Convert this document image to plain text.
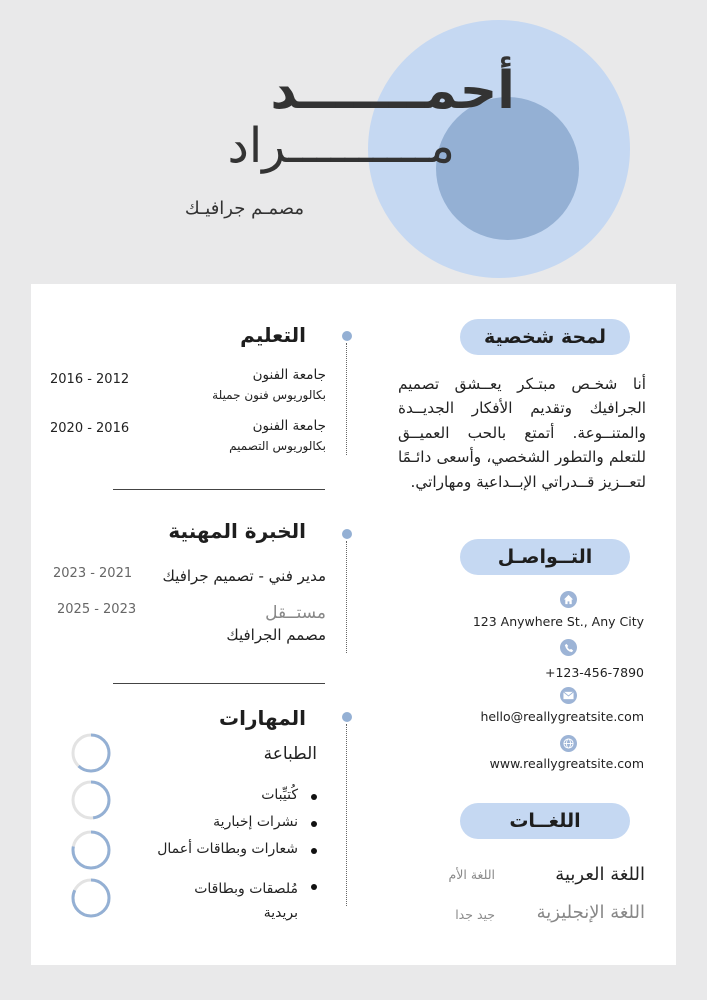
أحمـــــــد
مــــــــــراد
مصمـم جرافيـك
لمحة شخصية
أنا شخـص مبتـكر يعــشق تصميم الجرافيك وتقديم الأفكار الجديــدة والمتنــوعة. أتمتع بالحب العميــق للتعلم والتطور الشخصي، وأسعى دائـمًا لتعــزيز قــدراتي الإبــداعية ومهاراتي.
التــواصـل
123 Anywhere St., Any City
+123-456-7890
hello@reallygreatsite.com
www.reallygreatsite.com
اللغــات
اللغة العربية
اللغة الأم
اللغة الإنجليزية
جيد جدا
التعليم
جامعة الفنون
بكالوريوس فنون جميلة
2016 - 2012
جامعة الفنون
بكالوريوس التصميم
2020 - 2016
الخبرة المهنية
مدير فني - تصميم جرافيك
2023 - 2021
مستــقل
مصمم الجرافيك
2025 - 2023
المهارات
الطباعة
كُتيِّبات
نشرات إخبارية
شعارات وبطاقات أعمال
مُلصقات وبطاقات بريدية
